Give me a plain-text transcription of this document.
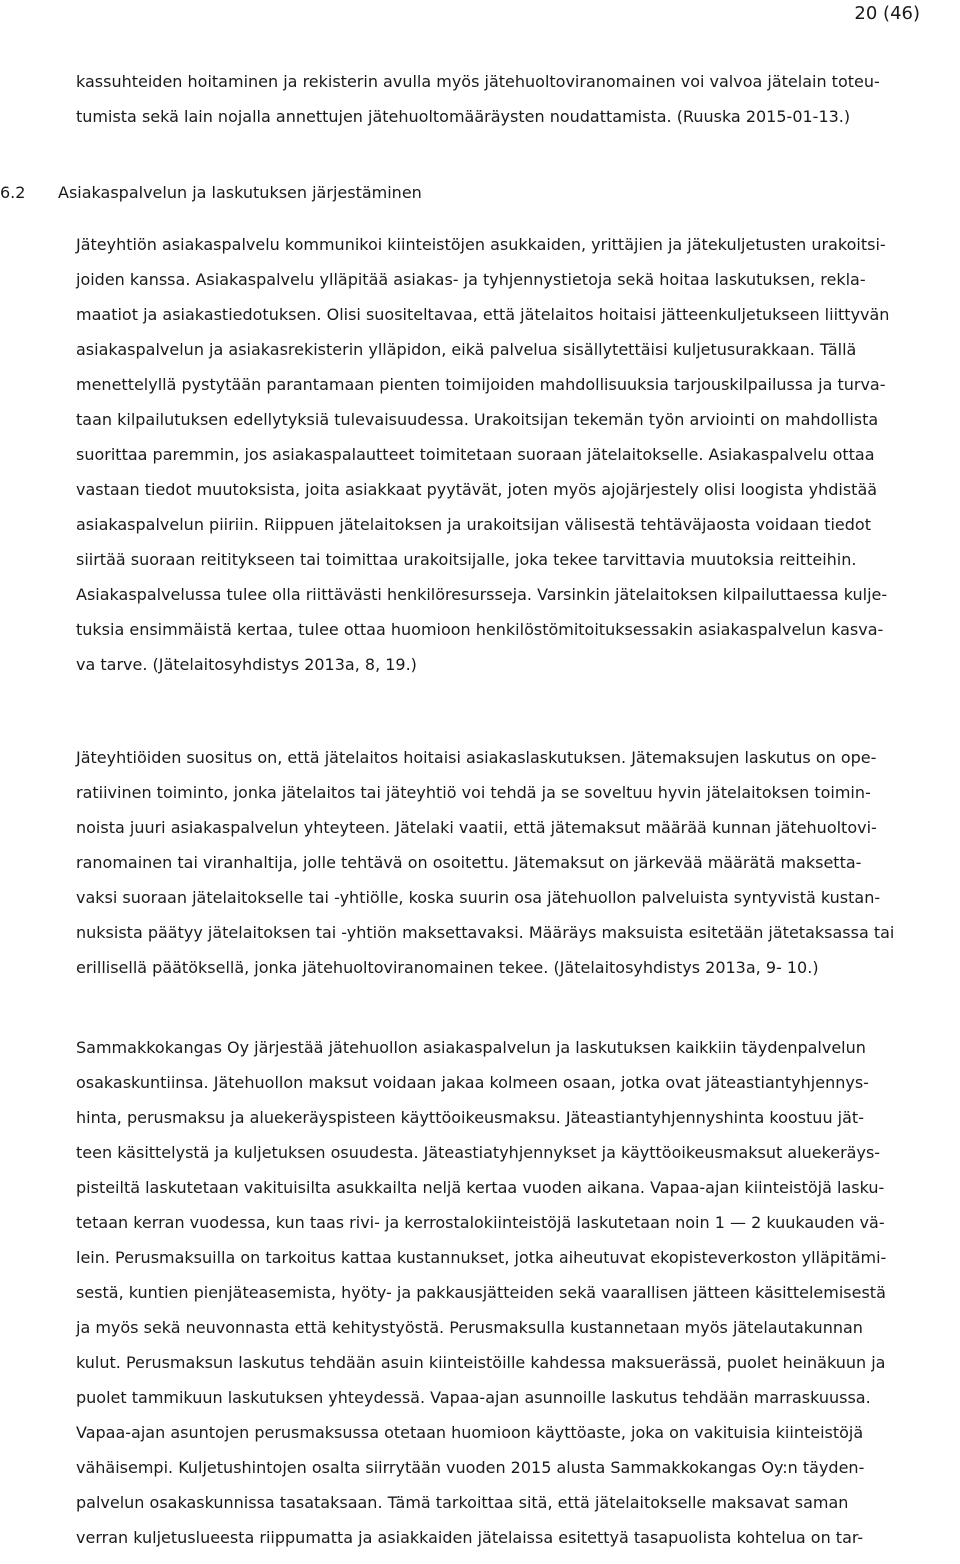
20 (46)
kassuhteiden hoitaminen ja rekisterin avulla myös jätehuoltoviranomainen voi valvoa jätelain toteu-
tumista sekä lain nojalla annettujen jätehuoltomääräysten noudattamista. (Ruuska 2015-01-13.)
6.2 Asiakaspalvelun ja laskutuksen järjestäminen
Jäteyhtiön asiakaspalvelu kommunikoi kiinteistöjen asukkaiden, yrittäjien ja jätekuljetusten urakoitsi-
joiden kanssa. Asiakaspalvelu ylläpitää asiakas- ja tyhjennystietoja sekä hoitaa laskutuksen, rekla-
maatiot ja asiakastiedotuksen. Olisi suositeltavaa, että jätelaitos hoitaisi jätteenkuljetukseen liittyvän
asiakaspalvelun ja asiakasrekisterin ylläpidon, eikä palvelua sisällytettäisi kuljetusurakkaan. Tällä
menettelyllä pystytään parantamaan pienten toimijoiden mahdollisuuksia tarjouskilpailussa ja turva-
taan kilpailutuksen edellytyksiä tulevaisuudessa. Urakoitsijan tekemän työn arviointi on mahdollista
suorittaa paremmin, jos asiakaspalautteet toimitetaan suoraan jätelaitokselle. Asiakaspalvelu ottaa
vastaan tiedot muutoksista, joita asiakkaat pyytävät, joten myös ajojärjestely olisi loogista yhdistää
asiakaspalvelun piiriin. Riippuen jätelaitoksen ja urakoitsijan välisestä tehtäväjaosta voidaan tiedot
siirtää suoraan reititykseen tai toimittaa urakoitsijalle, joka tekee tarvittavia muutoksia reitteihin.
Asiakaspalvelussa tulee olla riittävästi henkilöresursseja. Varsinkin jätelaitoksen kilpailuttaessa kulje-
tuksia ensimmäistä kertaa, tulee ottaa huomioon henkilöstömitoituksessakin asiakaspalvelun kasva-
va tarve. (Jätelaitosyhdistys 2013a, 8, 19.)
Jäteyhtiöiden suositus on, että jätelaitos hoitaisi asiakaslaskutuksen. Jätemaksujen laskutus on ope-
ratiivinen toiminto, jonka jätelaitos tai jäteyhtiö voi tehdä ja se soveltuu hyvin jätelaitoksen toimin-
noista juuri asiakaspalvelun yhteyteen. Jätelaki vaatii, että jätemaksut määrää kunnan jätehuoltovi-
ranomainen tai viranhaltija, jolle tehtävä on osoitettu. Jätemaksut on järkevää määrätä maksetta-
vaksi suoraan jätelaitokselle tai -yhtiölle, koska suurin osa jätehuollon palveluista syntyvistä kustan-
nuksista päätyy jätelaitoksen tai -yhtiön maksettavaksi. Määräys maksuista esitetään jätetaksassa tai
erillisellä päätöksellä, jonka jätehuoltoviranomainen tekee. (Jätelaitosyhdistys 2013a, 9- 10.)
Sammakkokangas Oy järjestää jätehuollon asiakaspalvelun ja laskutuksen kaikkiin täydenpalvelun
osakaskuntiinsa. Jätehuollon maksut voidaan jakaa kolmeen osaan, jotka ovat jäteastiantyhjennys-
hinta, perusmaksu ja aluekeräyspisteen käyttöoikeusmaksu. Jäteastiantyhjennyshinta koostuu jät-
teen käsittelystä ja kuljetuksen osuudesta. Jäteastiatyhjennykset ja käyttöoikeusmaksut aluekeräys-
pisteiltä laskutetaan vakituisilta asukkailta neljä kertaa vuoden aikana. Vapaa-ajan kiinteistöjä lasku-
tetaan kerran vuodessa, kun taas rivi- ja kerrostalokiinteistöjä laskutetaan noin 1 — 2 kuukauden vä-
lein. Perusmaksuilla on tarkoitus kattaa kustannukset, jotka aiheutuvat ekopisteverkoston ylläpitämi-
sestä, kuntien pienjäteasemista, hyöty- ja pakkausjätteiden sekä vaarallisen jätteen käsittelemisestä
ja myös sekä neuvonnasta että kehitystyöstä. Perusmaksulla kustannetaan myös jätelautakunnan
kulut. Perusmaksun laskutus tehdään asuin kiinteistöille kahdessa maksuerässä, puolet heinäkuun ja
puolet tammikuun laskutuksen yhteydessä. Vapaa-ajan asunnoille laskutus tehdään marraskuussa.
Vapaa-ajan asuntojen perusmaksussa otetaan huomioon käyttöaste, joka on vakituisia kiinteistöjä
vähäisempi. Kuljetushintojen osalta siirrytään vuoden 2015 alusta Sammakkokangas Oy:n täyden-
palvelun osakaskunnissa tasataksaan. Tämä tarkoittaa sitä, että jätelaitokselle maksavat saman
verran kuljetuslueesta riippumatta ja asiakkaiden jätelaissa esitettyä tasapuolista kohtelua on tar-
